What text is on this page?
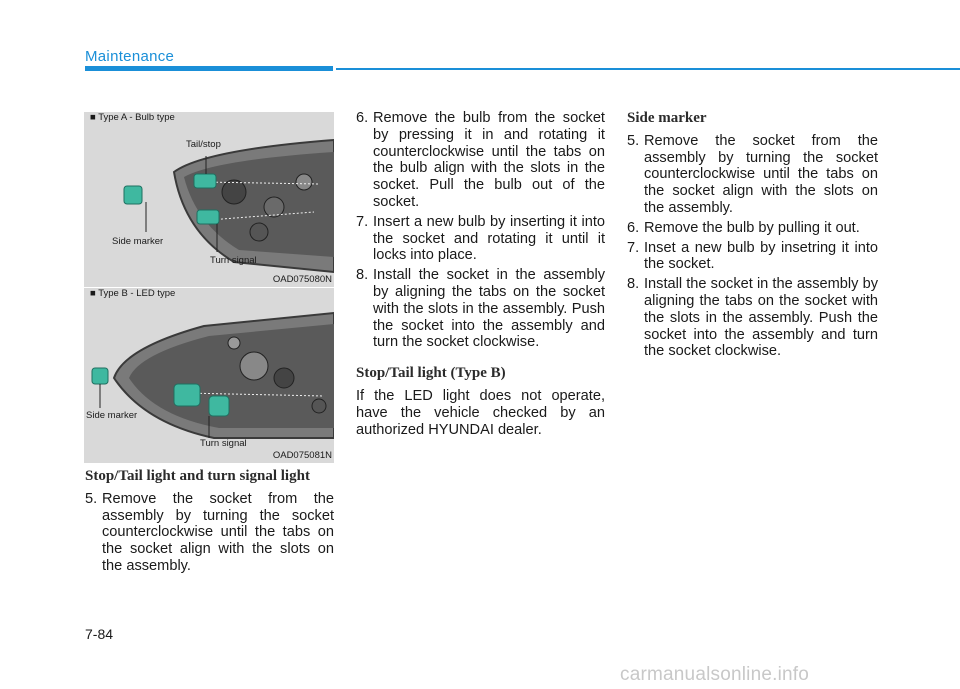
Maintenance
■ Type A - Bulb type
Tail/stop
Side marker
Turn signal
OAD075080N
■ Type B - LED type
Side marker
Turn signal
OAD075081N
Stop/Tail light and turn signal light
5. Remove the socket from the assembly by turning the socket counterclockwise until the tabs on the socket align with the slots on the assembly.
6. Remove the bulb from the socket by pressing it in and rotating it counterclockwise until the tabs on the bulb align with the slots in the socket. Pull the bulb out of the socket.
7. Insert a new bulb by inserting it into the socket and rotating it until it locks into place.
8. Install the socket in the assembly by aligning the tabs on the socket with the slots in the assembly. Push the socket into the assembly and turn the socket clockwise.
Stop/Tail light (Type B)

If the LED light does not operate, have the vehicle checked by an authorized HYUNDAI dealer.

Side marker
5. Remove the socket from the assembly by turning the socket counterclockwise until the tabs on the socket align with the slots on the assembly.
6. Remove the bulb by pulling it out.
7. Inset a new bulb by insetring it into the socket.
8. Install the socket in the assembly by aligning the tabs on the socket with the slots in the assembly. Push the socket into the assembly and turn the socket clockwise.
7-84
carmanualsonline.info
